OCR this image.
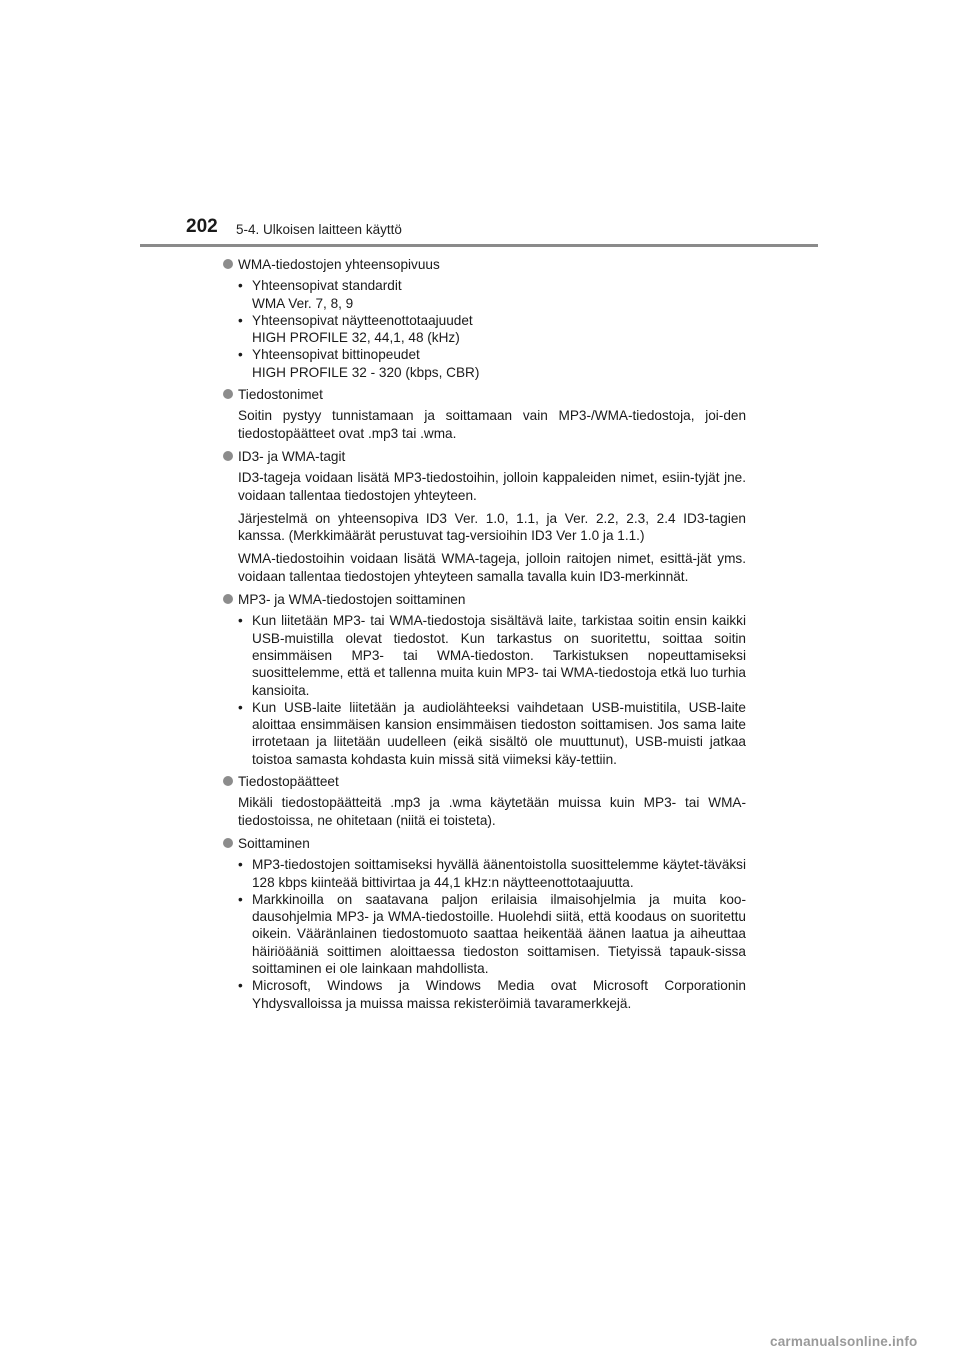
202 5-4. Ulkoisen laitteen käyttö
WMA-tiedostojen yhteensopivuus
• Yhteensopivat standardit
WMA Ver. 7, 8, 9
• Yhteensopivat näytteenottotaajuudet
HIGH PROFILE 32, 44,1, 48 (kHz)
• Yhteensopivat bittinopeudet
HIGH PROFILE 32 - 320 (kbps, CBR)
Tiedostonimet

Soitin pystyy tunnistamaan ja soittamaan vain MP3-/WMA-tiedostoja, joi-den tiedostopäätteet ovat .mp3 tai .wma.

ID3- ja WMA-tagit

ID3-tageja voidaan lisätä MP3-tiedostoihin, jolloin kappaleiden nimet, esiin-tyjät jne. voidaan tallentaa tiedostojen yhteyteen.

Järjestelmä on yhteensopiva ID3 Ver. 1.0, 1.1, ja Ver. 2.2, 2.3, 2.4 ID3-tagien kanssa. (Merkkimäärät perustuvat tag-versioihin ID3 Ver 1.0 ja 1.1.)

WMA-tiedostoihin voidaan lisätä WMA-tageja, jolloin raitojen nimet, esittä-jät yms. voidaan tallentaa tiedostojen yhteyteen samalla tavalla kuin ID3-merkinnät.

MP3- ja WMA-tiedostojen soittaminen
• Kun liitetään MP3- tai WMA-tiedostoja sisältävä laite, tarkistaa soitin ensin kaikki USB-muistilla olevat tiedostot. Kun tarkastus on suoritettu, soittaa soitin ensimmäisen MP3- tai WMA-tiedoston. Tarkistuksen nopeuttamiseksi suosittelemme, että et tallenna muita kuin MP3- tai WMA-tiedostoja etkä luo turhia kansioita.
• Kun USB-laite liitetään ja audiolähteeksi vaihdetaan USB-muistitila, USB-laite aloittaa ensimmäisen kansion ensimmäisen tiedoston soittamisen. Jos sama laite irrotetaan ja liitetään uudelleen (eikä sisältö ole muuttunut), USB-muisti jatkaa toistoa samasta kohdasta kuin missä sitä viimeksi käy-tettiin.
Tiedostopäätteet

Mikäli tiedostopäätteitä .mp3 ja .wma käytetään muissa kuin MP3- tai WMA-tiedostoissa, ne ohitetaan (niitä ei toisteta).

Soittaminen
• MP3-tiedostojen soittamiseksi hyvällä äänentoistolla suosittelemme käytet-täväksi 128 kbps kiinteää bittivirtaa ja 44,1 kHz:n näytteenottotaajuutta.
• Markkinoilla on saatavana paljon erilaisia ilmaisohjelmia ja muita koo-dausohjelmia MP3- ja WMA-tiedostoille. Huolehdi siitä, että koodaus on suoritettu oikein. Vääränlainen tiedostomuoto saattaa heikentää äänen laatua ja aiheuttaa häiriöääniä soittimen aloittaessa tiedoston soittamisen. Tietyissä tapauk-sissa soittaminen ei ole lainkaan mahdollista.
• Microsoft, Windows ja Windows Media ovat Microsoft Corporationin Yhdysvalloissa ja muissa maissa rekisteröimiä tavaramerkkejä.
carmanualsonline.info
